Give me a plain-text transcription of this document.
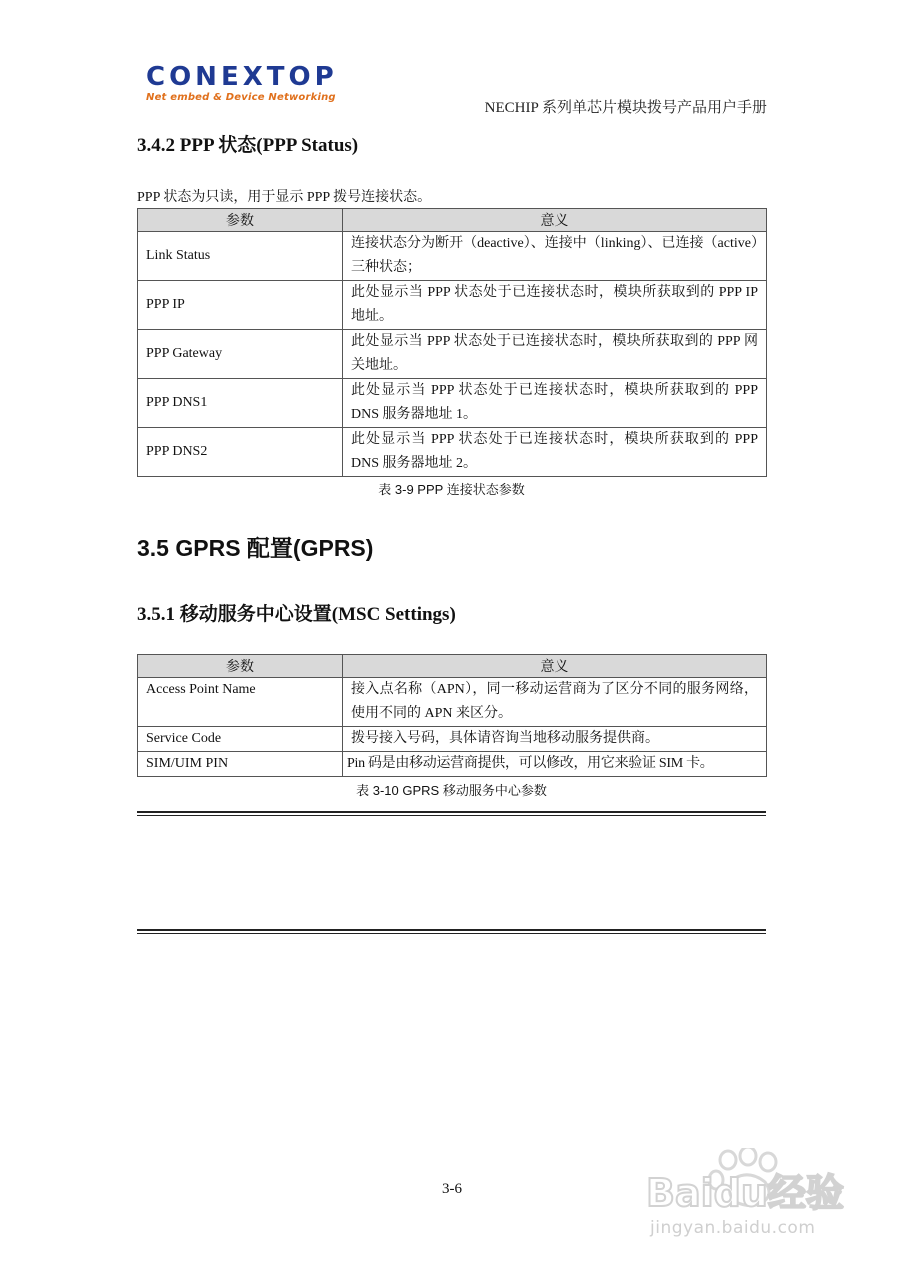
CONEXTOP
Net embed & Device Networking
NECHIP 系列单芯片模块拨号产品用户手册
3.4.2 PPP 状态(PPP Status)
PPP 状态为只读，用于显示 PPP 拨号连接状态。
参数	意义
Link Status	连接状态分为断开（deactive）、连接中（linking）、已连接（active）三种状态；
PPP IP	此处显示当 PPP 状态处于已连接状态时，模块所获取到的 PPP IP 地址。
PPP Gateway	此处显示当 PPP 状态处于已连接状态时，模块所获取到的 PPP 网关地址。
PPP DNS1	此处显示当 PPP 状态处于已连接状态时，模块所获取到的 PPP DNS 服务器地址 1。
PPP DNS2	此处显示当 PPP 状态处于已连接状态时，模块所获取到的 PPP DNS 服务器地址 2。
表 3-9 PPP 连接状态参数
3.5 GPRS 配置(GPRS)
3.5.1 移动服务中心设置(MSC Settings)
参数	意义
Access Point Name	接入点名称（APN），同一移动运营商为了区分不同的服务网络，使用不同的 APN 来区分。
Service Code	拨号接入号码，具体请咨询当地移动服务提供商。
SIM/UIM PIN	Pin 码是由移动运营商提供，可以修改，用它来验证 SIM 卡。
表 3-10 GPRS 移动服务中心参数
3-6	Baidu经验
jingyan.baidu.com
